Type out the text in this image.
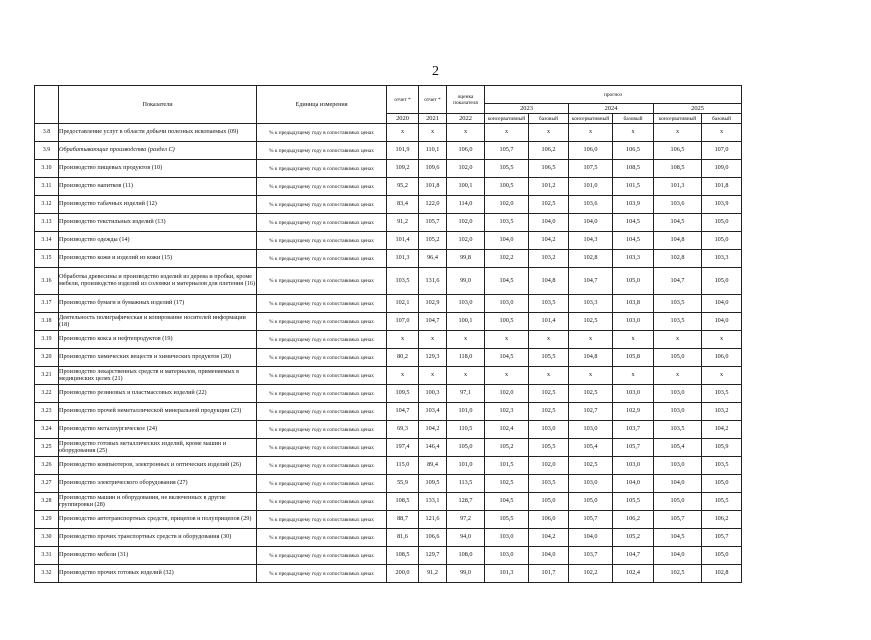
2
	Показатели	Единица измерения	отчет *	отчет *	оценка показателя	прогноз					
						2023		2024		2025	
			2020	2021	2022	консервативный	базовый	консервативный	базовый	консервативный	базовый
3.8	Предоставление услуг в области добычи полезных ископаемых (09)	% к предыдущему году в сопоставимых ценах	x	x	x	x	x	x	x	x	x
3.9	Обрабатывающие производства (раздел С)	% к предыдущему году в сопоставимых ценах	101,9	110,1	106,0	105,7	106,2	106,0	106,5	106,5	107,0
3.10	Производство пищевых продуктов (10)	% к предыдущему году в сопоставимых ценах	109,2	109,6	102,0	105,5	106,5	107,5	108,5	108,5	109,0
3.11	Производство напитков (11)	% к предыдущему году в сопоставимых ценах	95,2	101,8	100,1	100,5	101,2	101,0	101,5	101,3	101,8
3.12	Производство табачных изделий (12)	% к предыдущему году в сопоставимых ценах	83,4	122,0	114,0	102,0	102,5	103,6	103,9	103,6	103,9
3.13	Производство текстильных изделий (13)	% к предыдущему году в сопоставимых ценах	91,2	105,7	102,0	103,5	104,0	104,0	104,5	104,5	105,0
3.14	Производство одежды (14)	% к предыдущему году в сопоставимых ценах	101,4	105,2	102,0	104,0	104,2	104,3	104,5	104,8	105,0
3.15	Производство кожи и изделий из кожи (15)	% к предыдущему году в сопоставимых ценах	101,3	96,4	99,8	102,2	103,2	102,8	103,3	102,8	103,3
3.16	Обработка древесины и производство изделий из дерева и пробки, кроме мебели, производство изделий из соломки и материалов для плетения (16)	% к предыдущему году в сопоставимых ценах	103,5	131,6	99,0	104,5	104,8	104,7	105,0	104,7	105,0
3.17	Производство бумаги и бумажных изделий (17)	% к предыдущему году в сопоставимых ценах	102,1	102,9	103,0	103,0	103,5	103,3	103,8	103,5	104,0
3.18	Деятельность полиграфическая и копирование носителей информации (18)	% к предыдущему году в сопоставимых ценах	107,0	104,7	100,1	100,5	101,4	102,5	103,0	103,5	104,0
3.19	Производство кокса и нефтепродуктов (19)	% к предыдущему году в сопоставимых ценах	x	x	x	x	x	x	x	x	x
3.20	Производство химических веществ и химических продуктов (20)	% к предыдущему году в сопоставимых ценах	80,2	129,3	118,0	104,5	105,5	104,8	105,8	105,0	106,0
3.21	Производство лекарственных средств и материалов, применяемых в медицинских целях (21)	% к предыдущему году в сопоставимых ценах	x	x	x	x	x	x	x	x	x
3.22	Производство резиновых и пластмассовых изделий (22)	% к предыдущему году в сопоставимых ценах	109,5	100,3	97,1	102,0	102,5	102,5	103,0	103,0	103,5
3.23	Производство прочей неметаллической минеральной продукции (23)	% к предыдущему году в сопоставимых ценах	104,7	103,4	101,0	102,3	102,5	102,7	102,9	103,0	103,2
3.24	Производство металлургическое (24)	% к предыдущему году в сопоставимых ценах	69,3	104,2	110,5	102,4	103,0	103,0	103,7	103,5	104,2
3.25	Производство готовых металлических изделий, кроме машин и оборудования (25)	% к предыдущему году в сопоставимых ценах	197,4	146,4	105,0	105,2	105,5	105,4	105,7	105,4	105,9
3.26	Производство компьютеров, электронных и оптических изделий (26)	% к предыдущему году в сопоставимых ценах	115,0	89,4	101,0	101,5	102,0	102,5	103,0	103,0	103,5
3.27	Производство электрического оборудования (27)	% к предыдущему году в сопоставимых ценах	55,9	109,5	113,5	102,5	103,5	103,0	104,0	104,0	105,0
3.28	Производство машин и оборудования, не включенных в другие группировки (28)	% к предыдущему году в сопоставимых ценах	108,5	133,1	128,7	104,5	105,0	105,0	105,5	105,0	105,5
3.29	Производство автотранспортных средств, прицепов и полуприцепов (29)	% к предыдущему году в сопоставимых ценах	88,7	121,6	97,2	105,5	106,0	105,7	106,2	105,7	106,2
3.30	Производство прочих транспортных средств и оборудования (30)	% к предыдущему году в сопоставимых ценах	81,6	106,6	94,0	103,0	104,2	104,0	105,2	104,5	105,7
3.31	Производство мебели (31)	% к предыдущему году в сопоставимых ценах	108,5	129,7	108,0	103,0	104,0	103,7	104,7	104,0	105,0
3.32	Производство прочих готовых изделий (32)	% к предыдущему году в сопоставимых ценах	200,0	91,2	99,0	101,3	101,7	102,2	102,4	102,5	102,8
